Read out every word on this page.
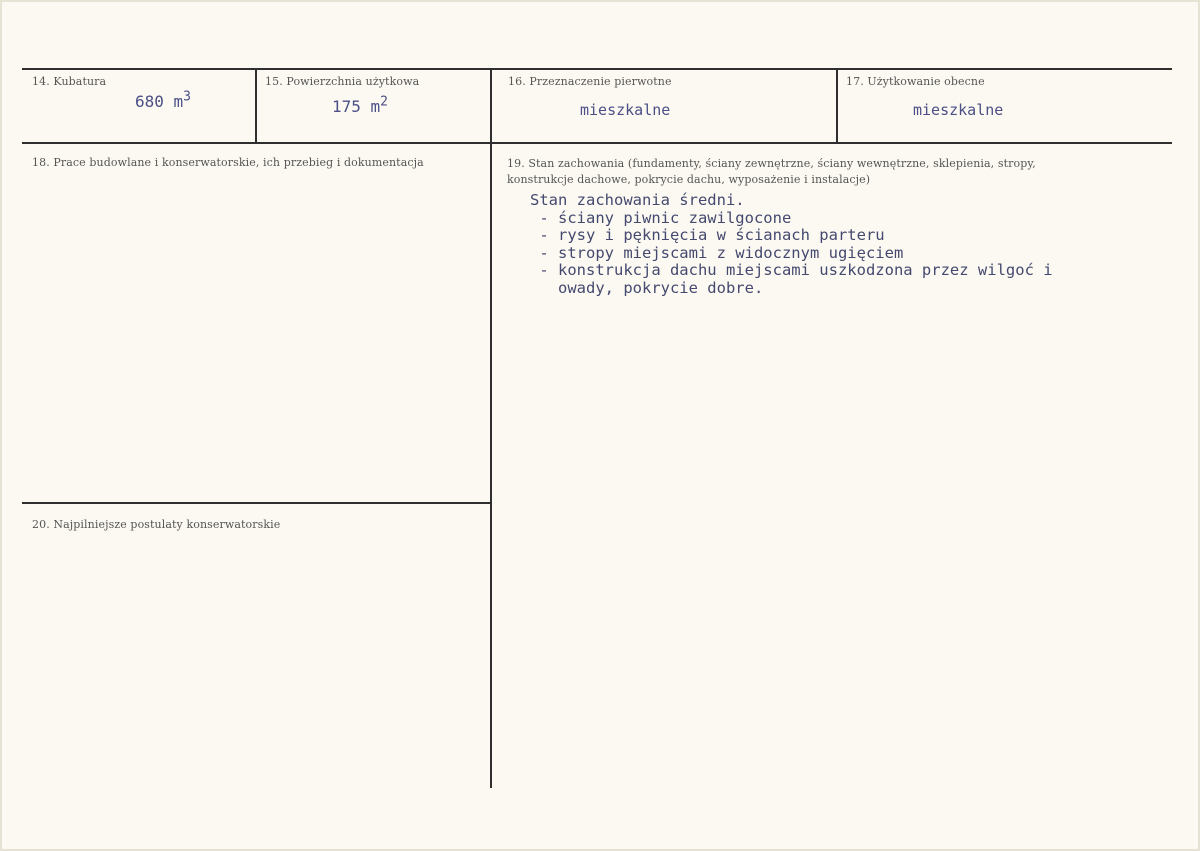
14. Kubatura
680 $m^3$
15. Powierzchnia użytkowa
175 $m^2$
16. Przeznaczenie pierwotne
mieszkalne
17. Użytkowanie obecne
mieszkalne
18. Prace budowlane i konserwatorskie, ich przebieg i dokumentacja	19. Stan zachowania (fundamenty, ściany zewnętrzne, ściany wewnętrzne, sklepienia, stropy, konstrukcje dachowe, pokrycie dachu, wyposażenie i instalacje)
Stan zachowania średni.
- ściany piwnic zawilgocone
- rysy i pęknięcia w ścianach parteru
- stropy miejscami z widocznym ugięciem
- konstrukcja dachu miejscami uszkodzona przez wilgoć i
owady, pokrycie dobre.
20. Najpilniejsze postulaty konserwatorskie
